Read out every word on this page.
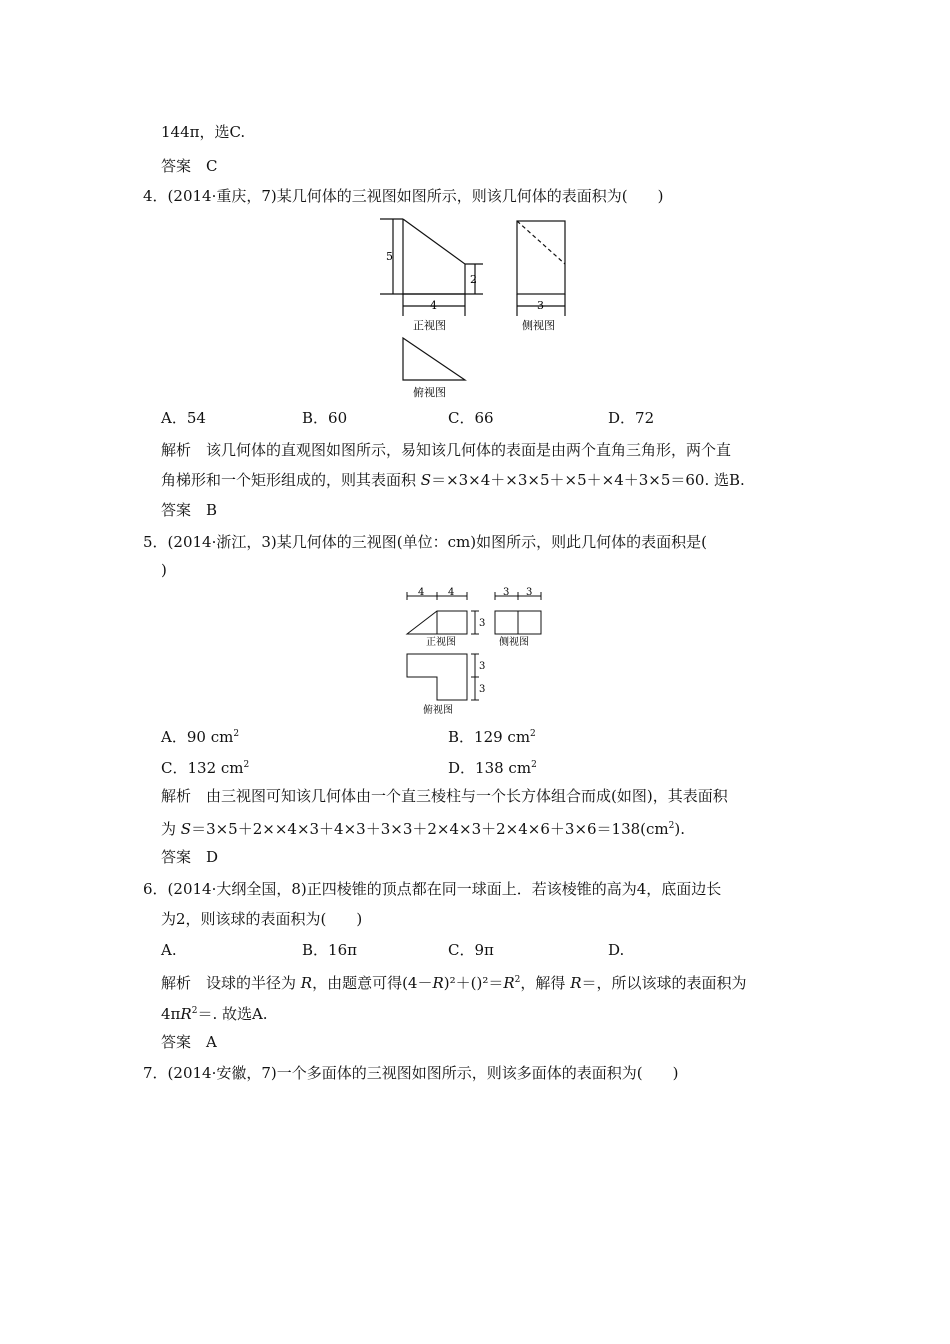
144π，选C.
答案　C
4．(2014·重庆，7)某几何体的三视图如图所示，则该几何体的表面积为(　　)
5
2
4	3
正视图	侧视图
俯视图
A．54	B．60	C．66	D．72
解析　该几何体的直观图如图所示，易知该几何体的表面是由两个直角三角形，两个直
角梯形和一个矩形组成的，则其表面积 S＝×3×4＋×3×5＋×5＋×4＋3×5＝60. 选B.
答案　B
5．(2014·浙江，3)某几何体的三视图(单位：cm)如图所示，则此几何体的表面积是(
)
4 4	3 3
3
3
3
正视图	侧视图
俯视图
A．90 $cm^2$	B．129 $cm^2$
C．132 $cm^2$	D．138 $cm^2$
解析　由三视图可知该几何体由一个直三棱柱与一个长方体组合而成(如图)，其表面积
为 $S=3\times 5+2\times\times 4\times 3+4\times 3+3\times 3+2\times 4\times 3+2\times 4\times 6+3\times 6=138(cm^2)$.
答案　D
6．(2014·大纲全国，8)正四棱锥的顶点都在同一球面上．若该棱锥的高为4，底面边长
为2，则该球的表面积为(　　)
A.	B．16π	C．9π	D.
解析　设球的半径为 R，由题意可得$(4-R)^2+()^2=R^2$，解得 R＝，所以该球的表面积为
$4\pi R^2=$. 故选A.
答案　A
7．(2014·安徽，7)一个多面体的三视图如图所示，则该多面体的表面积为(　　)
